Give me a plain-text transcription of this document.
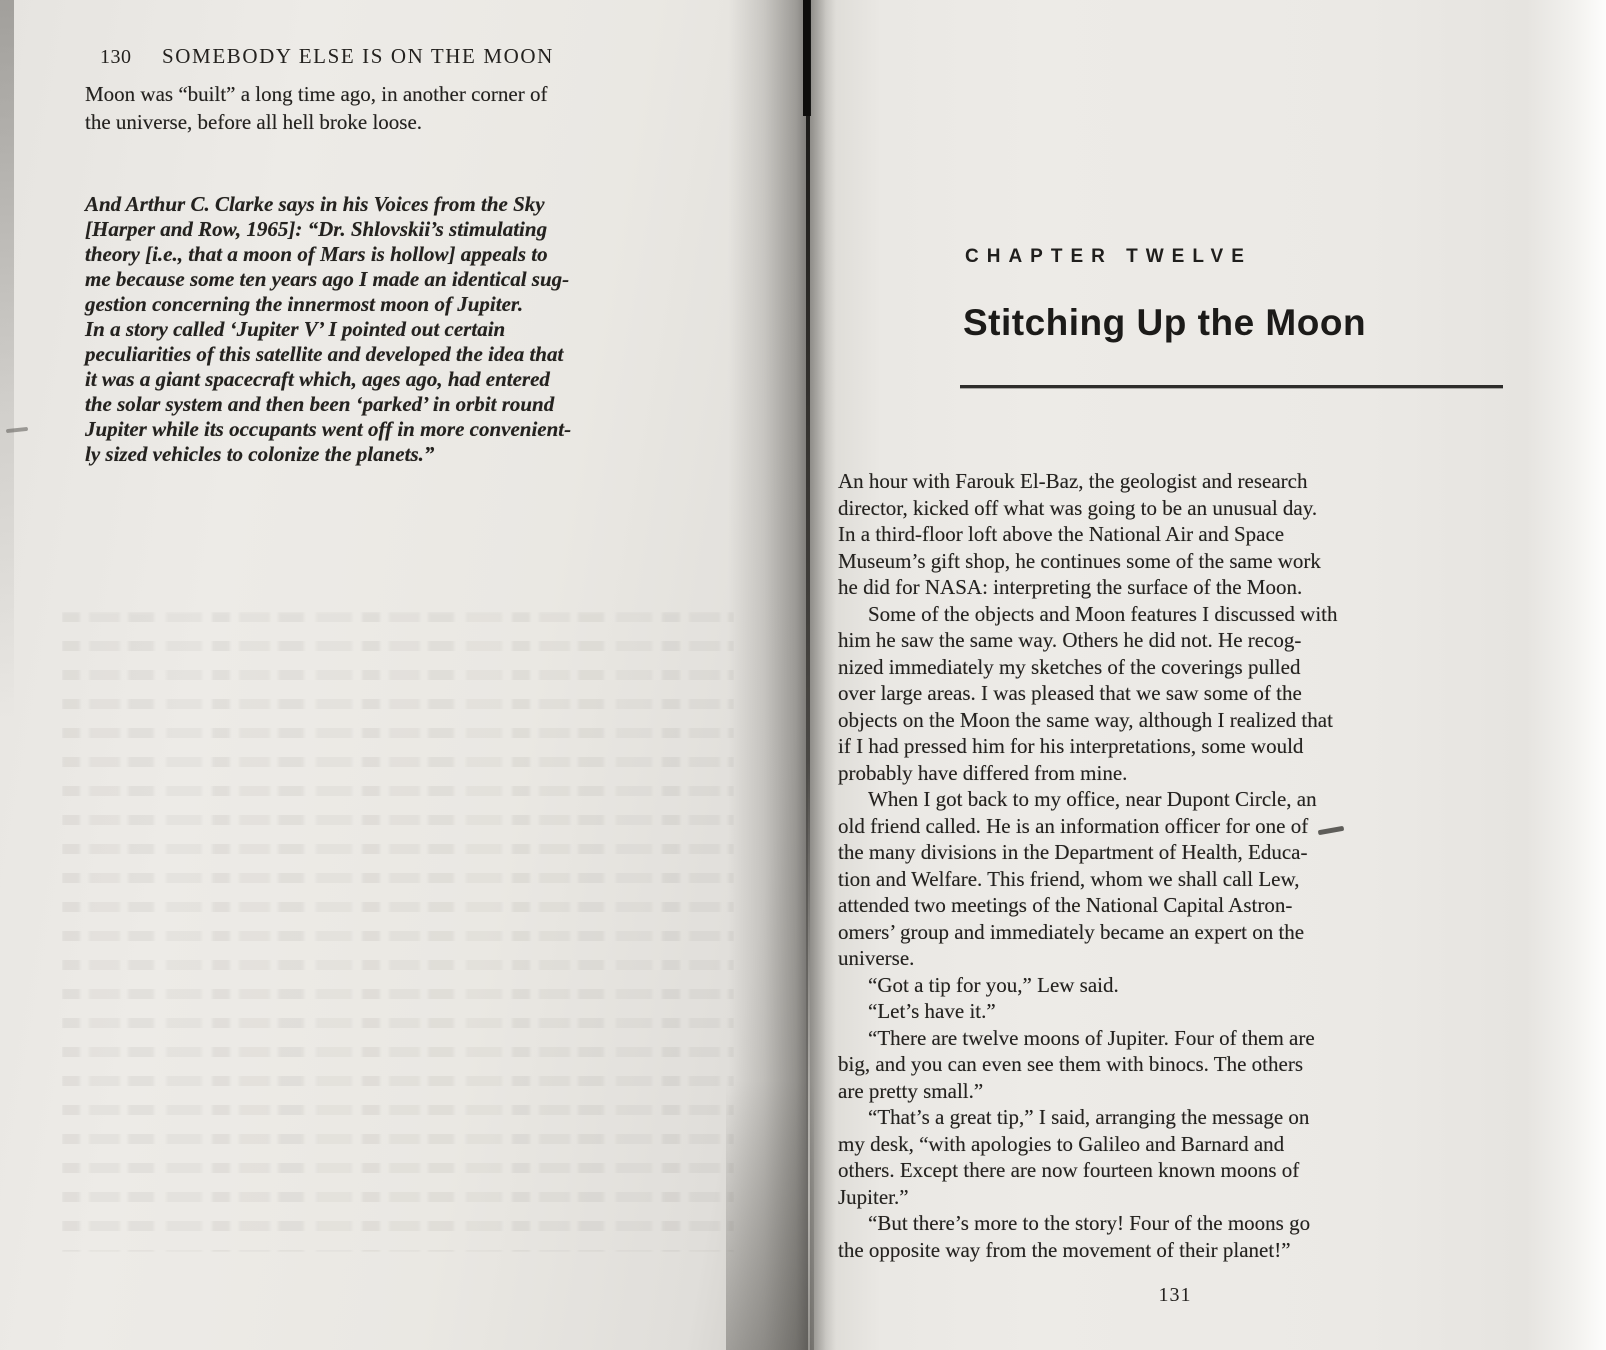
130 SOMEBODY ELSE IS ON THE MOON
Moon was “built” a long time ago, in another corner of
the universe, before all hell broke loose.
And Arthur C. Clarke says in his Voices from the Sky
[Harper and Row, 1965]: “Dr. Shlovskii’s stimulating
theory [i.e., that a moon of Mars is hollow] appeals to
me because some ten years ago I made an identical sug-
gestion concerning the innermost moon of Jupiter.
In a story called ‘Jupiter V’ I pointed out certain
peculiarities of this satellite and developed the idea that
it was a giant spacecraft which, ages ago, had entered
the solar system and then been ‘parked’ in orbit round
Jupiter while its occupants went off in more convenient-
ly sized vehicles to colonize the planets.”
CHAPTER TWELVE
Stitching Up the Moon
An hour with Farouk El-Baz, the geologist and research
director, kicked off what was going to be an unusual day.
In a third-floor loft above the National Air and Space
Museum’s gift shop, he continues some of the same work
he did for NASA: interpreting the surface of the Moon.
Some of the objects and Moon features I discussed with
him he saw the same way. Others he did not. He recog-
nized immediately my sketches of the coverings pulled
over large areas. I was pleased that we saw some of the
objects on the Moon the same way, although I realized that
if I had pressed him for his interpretations, some would
probably have differed from mine.
When I got back to my office, near Dupont Circle, an
old friend called. He is an information officer for one of
the many divisions in the Department of Health, Educa-
tion and Welfare. This friend, whom we shall call Lew,
attended two meetings of the National Capital Astron-
omers’ group and immediately became an expert on the
universe.
“Got a tip for you,” Lew said.
“Let’s have it.”
“There are twelve moons of Jupiter. Four of them are
big, and you can even see them with binocs. The others
are pretty small.”
“That’s a great tip,” I said, arranging the message on
my desk, “with apologies to Galileo and Barnard and
others. Except there are now fourteen known moons of
Jupiter.”
“But there’s more to the story! Four of the moons go
the opposite way from the movement of their planet!”
131
